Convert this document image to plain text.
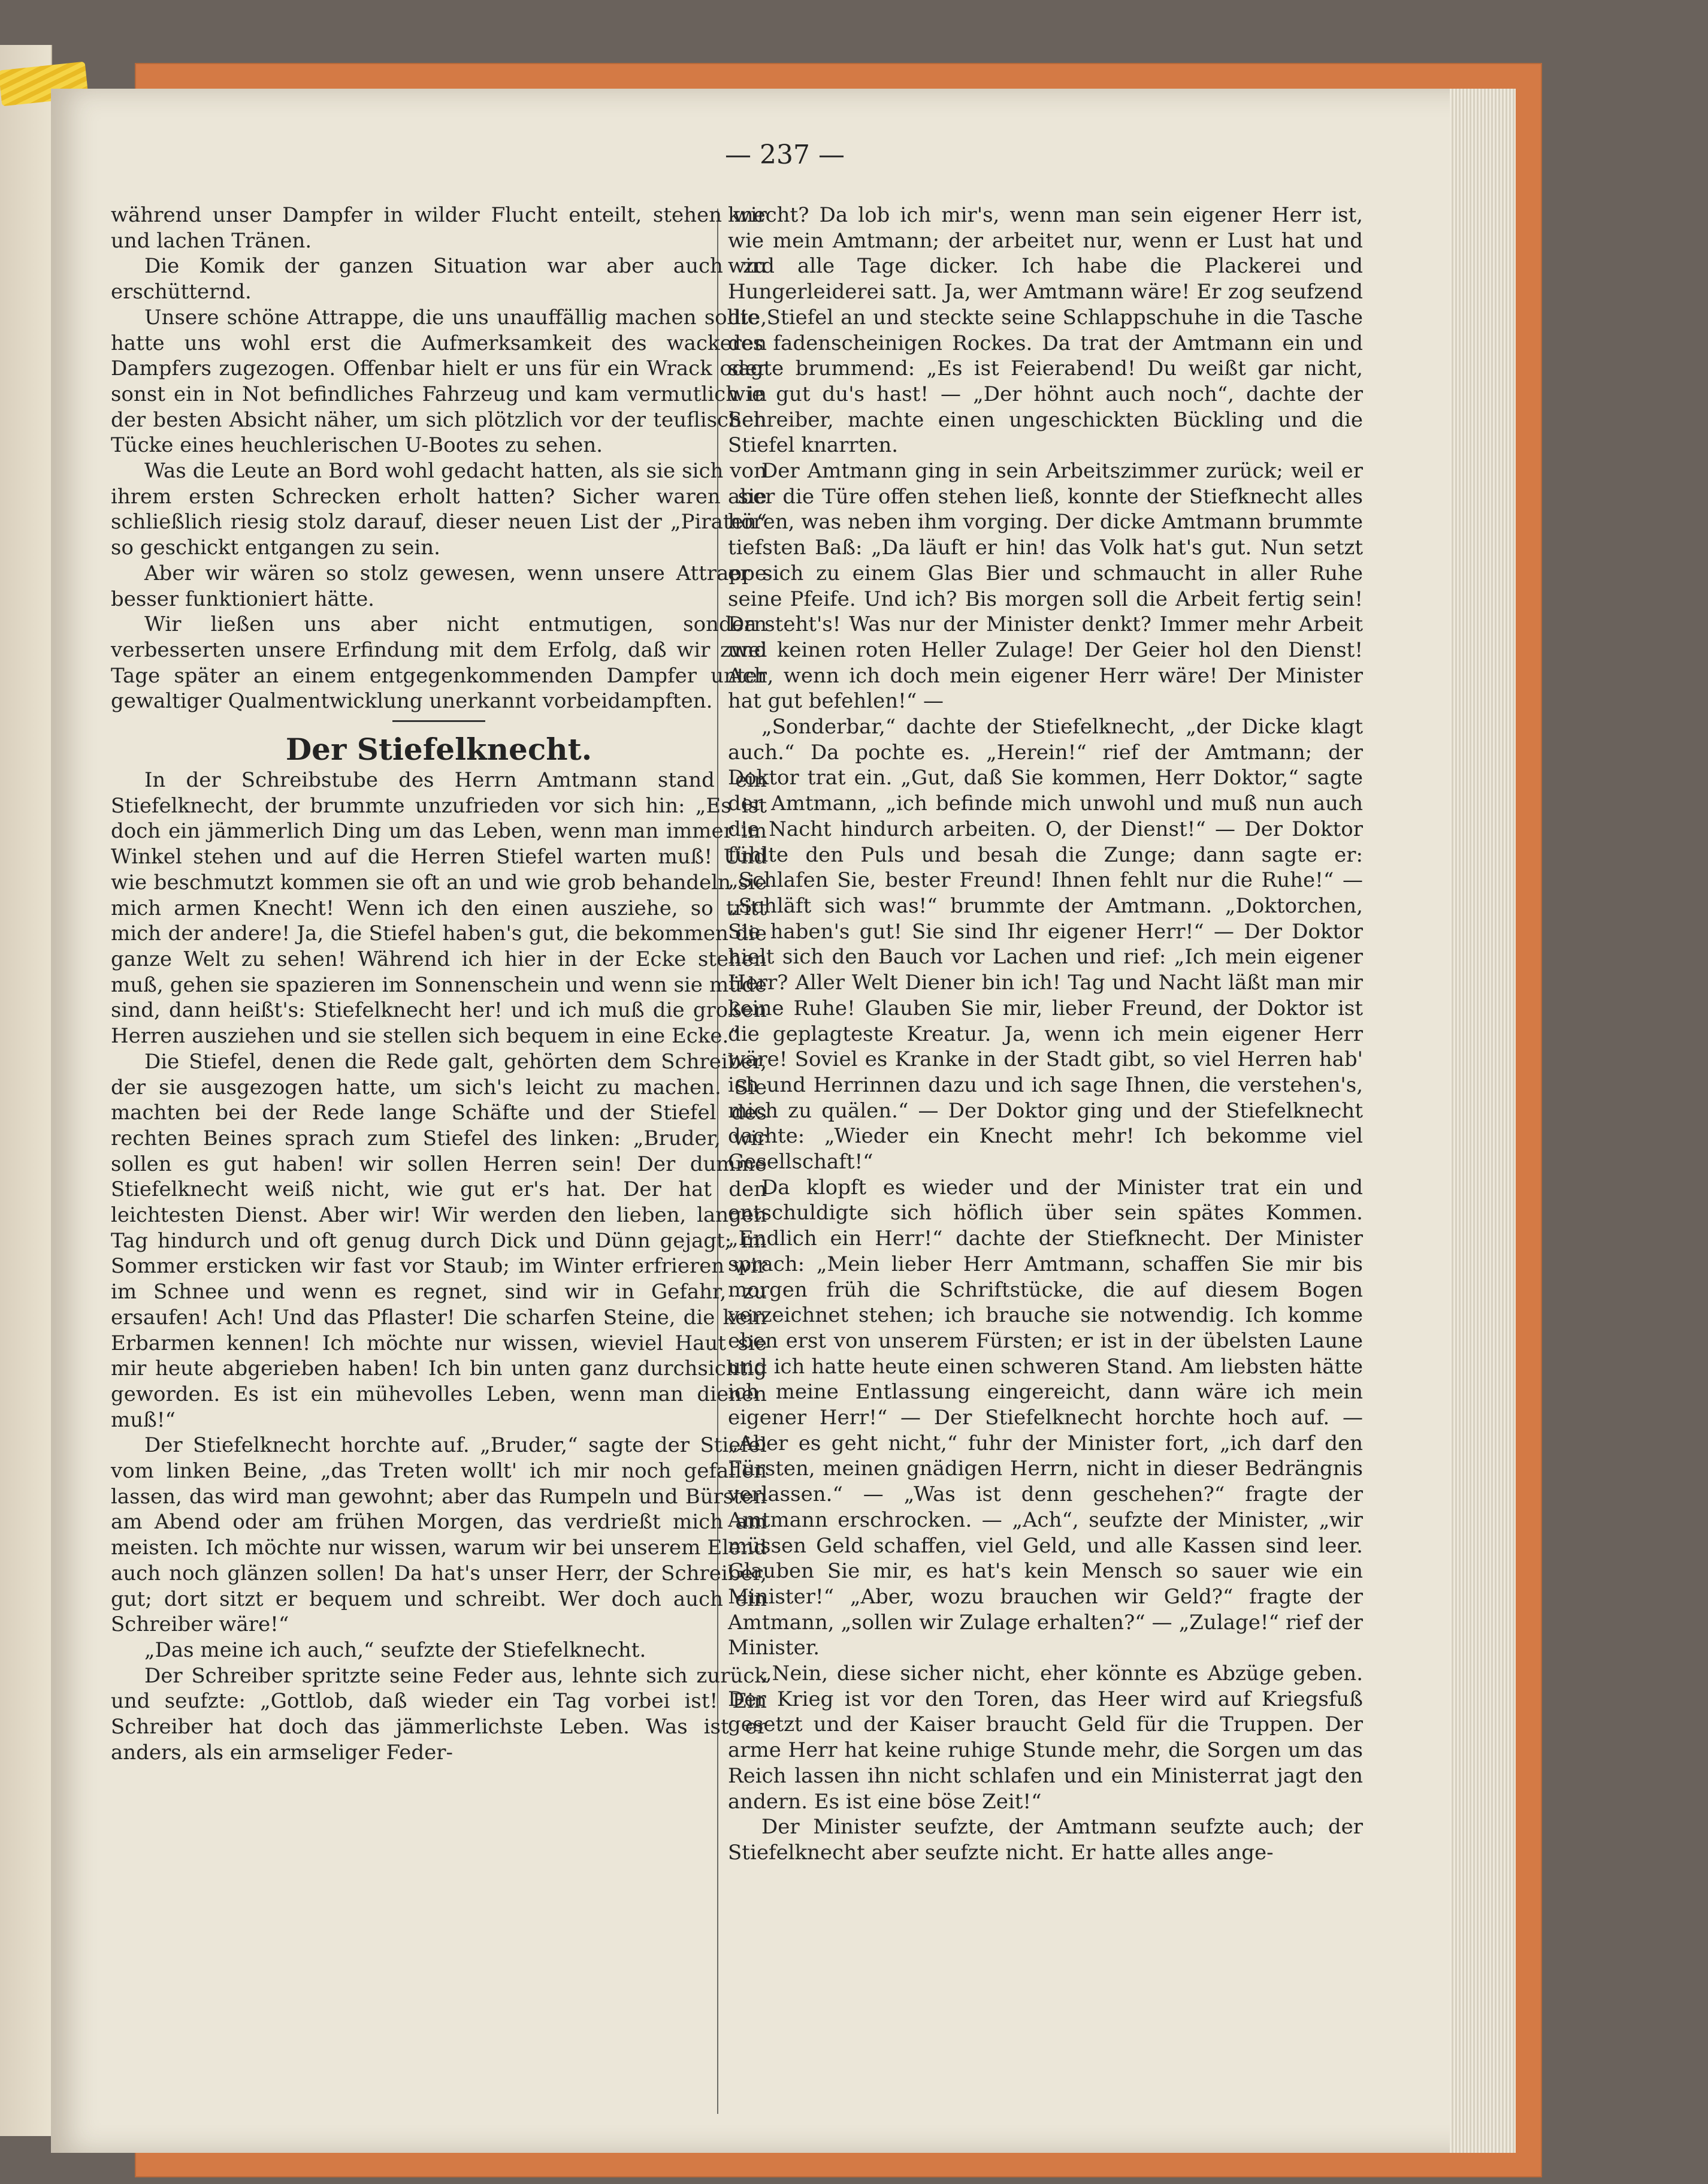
— 237 —

während unser Dampfer in wilder Flucht enteilt, stehen wir und lachen Tränen.

Die Komik der ganzen Situation war aber auch zu erschütternd.

Unsere schöne Attrappe, die uns unauffällig machen sollte, hatte uns wohl erst die Aufmerksamkeit des wackeren Dampfers zugezogen. Offenbar hielt er uns für ein Wrack oder sonst ein in Not befindliches Fahrzeug und kam vermutlich in der besten Absicht näher, um sich plötzlich vor der teuflischen Tücke eines heuchlerischen U-Bootes zu sehen.

Was die Leute an Bord wohl gedacht hatten, als sie sich von ihrem ersten Schrecken erholt hatten? Sicher waren sie schließlich riesig stolz darauf, dieser neuen List der „Piraten“ so geschickt entgangen zu sein.

Aber wir wären so stolz gewesen, wenn unsere Attrappe besser funktioniert hätte.

Wir ließen uns aber nicht entmutigen, sondern verbesserten unsere Erfindung mit dem Erfolg, daß wir zwei Tage später an einem entgegenkommenden Dampfer unter gewaltiger Qualmentwicklung unerkannt vorbeidampften.

Der Stiefelknecht.

In der Schreibstube des Herrn Amtmann stand ein Stiefelknecht, der brummte unzufrieden vor sich hin: „Es ist doch ein jämmerlich Ding um das Leben, wenn man immer im Winkel stehen und auf die Herren Stiefel warten muß! Und wie beschmutzt kommen sie oft an und wie grob behandeln sie mich armen Knecht! Wenn ich den einen ausziehe, so tritt mich der andere! Ja, die Stiefel haben's gut, die bekommen die ganze Welt zu sehen! Während ich hier in der Ecke stehen muß, gehen sie spazieren im Sonnenschein und wenn sie müde sind, dann heißt's: Stiefelknecht her! und ich muß die großen Herren ausziehen und sie stellen sich bequem in eine Ecke.“

Die Stiefel, denen die Rede galt, gehörten dem Schreiber, der sie ausgezogen hatte, um sich's leicht zu machen. Sie machten bei der Rede lange Schäfte und der Stiefel des rechten Beines sprach zum Stiefel des linken: „Bruder, wir sollen es gut haben! wir sollen Herren sein! Der dumme Stiefelknecht weiß nicht, wie gut er's hat. Der hat den leichtesten Dienst. Aber wir! Wir werden den lieben, langen Tag hindurch und oft genug durch Dick und Dünn gejagt; im Sommer ersticken wir fast vor Staub; im Winter erfrieren wir im Schnee und wenn es regnet, sind wir in Gefahr, zu ersaufen! Ach! Und das Pflaster! Die scharfen Steine, die kein Erbarmen kennen! Ich möchte nur wissen, wieviel Haut sie mir heute abgerieben haben! Ich bin unten ganz durchsichtig geworden. Es ist ein mühevolles Leben, wenn man dienen muß!“

Der Stiefelknecht horchte auf. „Bruder,“ sagte der Stiefel vom linken Beine, „das Treten wollt' ich mir noch gefallen lassen, das wird man gewohnt; aber das Rumpeln und Bürsten am Abend oder am frühen Morgen, das verdrießt mich am meisten. Ich möchte nur wissen, warum wir bei unserem Elend auch noch glänzen sollen! Da hat's unser Herr, der Schreiber, gut; dort sitzt er bequem und schreibt. Wer doch auch ein Schreiber wäre!“

„Das meine ich auch,“ seufzte der Stiefelknecht.

Der Schreiber spritzte seine Feder aus, lehnte sich zurück und seufzte: „Gottlob, daß wieder ein Tag vorbei ist! Ein Schreiber hat doch das jämmerlichste Leben. Was ist er anders, als ein armseliger Feder-

knecht? Da lob ich mir's, wenn man sein eigener Herr ist, wie mein Amtmann; der arbeitet nur, wenn er Lust hat und wird alle Tage dicker. Ich habe die Plackerei und Hungerleiderei satt. Ja, wer Amtmann wäre! Er zog seufzend die Stiefel an und steckte seine Schlappschuhe in die Tasche des fadenscheinigen Rockes. Da trat der Amtmann ein und sagte brummend: „Es ist Feierabend! Du weißt gar nicht, wie gut du's hast! — „Der höhnt auch noch“, dachte der Schreiber, machte einen ungeschickten Bückling und die Stiefel knarrten.

Der Amtmann ging in sein Arbeitszimmer zurück; weil er aber die Türe offen stehen ließ, konnte der Stiefknecht alles hören, was neben ihm vorging. Der dicke Amtmann brummte tiefsten Baß: „Da läuft er hin! das Volk hat's gut. Nun setzt er sich zu einem Glas Bier und schmaucht in aller Ruhe seine Pfeife. Und ich? Bis morgen soll die Arbeit fertig sein! Da steht's! Was nur der Minister denkt? Immer mehr Arbeit und keinen roten Heller Zulage! Der Geier hol den Dienst! Ach, wenn ich doch mein eigener Herr wäre! Der Minister hat gut befehlen!“ —

„Sonderbar,“ dachte der Stiefelknecht, „der Dicke klagt auch.“ Da pochte es. „Herein!“ rief der Amtmann; der Doktor trat ein. „Gut, daß Sie kommen, Herr Doktor,“ sagte der Amtmann, „ich befinde mich unwohl und muß nun auch die Nacht hindurch arbeiten. O, der Dienst!“ — Der Doktor fühlte den Puls und besah die Zunge; dann sagte er: „Schlafen Sie, bester Freund! Ihnen fehlt nur die Ruhe!“ — „Schläft sich was!“ brummte der Amtmann. „Doktorchen, Sie haben's gut! Sie sind Ihr eigener Herr!“ — Der Doktor hielt sich den Bauch vor Lachen und rief: „Ich mein eigener Herr? Aller Welt Diener bin ich! Tag und Nacht läßt man mir keine Ruhe! Glauben Sie mir, lieber Freund, der Doktor ist die geplagteste Kreatur. Ja, wenn ich mein eigener Herr wäre! Soviel es Kranke in der Stadt gibt, so viel Herren hab' ich und Herrinnen dazu und ich sage Ihnen, die verstehen's, mich zu quälen.“ — Der Doktor ging und der Stiefelknecht dachte: „Wieder ein Knecht mehr! Ich bekomme viel Gesellschaft!“

Da klopft es wieder und der Minister trat ein und entschuldigte sich höflich über sein spätes Kommen. „Endlich ein Herr!“ dachte der Stiefknecht. Der Minister sprach: „Mein lieber Herr Amtmann, schaffen Sie mir bis morgen früh die Schriftstücke, die auf diesem Bogen verzeichnet stehen; ich brauche sie notwendig. Ich komme eben erst von unserem Fürsten; er ist in der übelsten Laune und ich hatte heute einen schweren Stand. Am liebsten hätte ich meine Entlassung eingereicht, dann wäre ich mein eigener Herr!“ — Der Stiefelknecht horchte hoch auf. — „Aber es geht nicht,“ fuhr der Minister fort, „ich darf den Fürsten, meinen gnädigen Herrn, nicht in dieser Bedrängnis verlassen.“ — „Was ist denn geschehen?“ fragte der Amtmann erschrocken. — „Ach“, seufzte der Minister, „wir müssen Geld schaffen, viel Geld, und alle Kassen sind leer. Glauben Sie mir, es hat's kein Mensch so sauer wie ein Minister!“ „Aber, wozu brauchen wir Geld?“ fragte der Amtmann, „sollen wir Zulage erhalten?“ — „Zulage!“ rief der Minister.

„Nein, diese sicher nicht, eher könnte es Abzüge geben. Der Krieg ist vor den Toren, das Heer wird auf Kriegsfuß gesetzt und der Kaiser braucht Geld für die Truppen. Der arme Herr hat keine ruhige Stunde mehr, die Sorgen um das Reich lassen ihn nicht schlafen und ein Ministerrat jagt den andern. Es ist eine böse Zeit!“

Der Minister seufzte, der Amtmann seufzte auch; der Stiefelknecht aber seufzte nicht. Er hatte alles ange-
